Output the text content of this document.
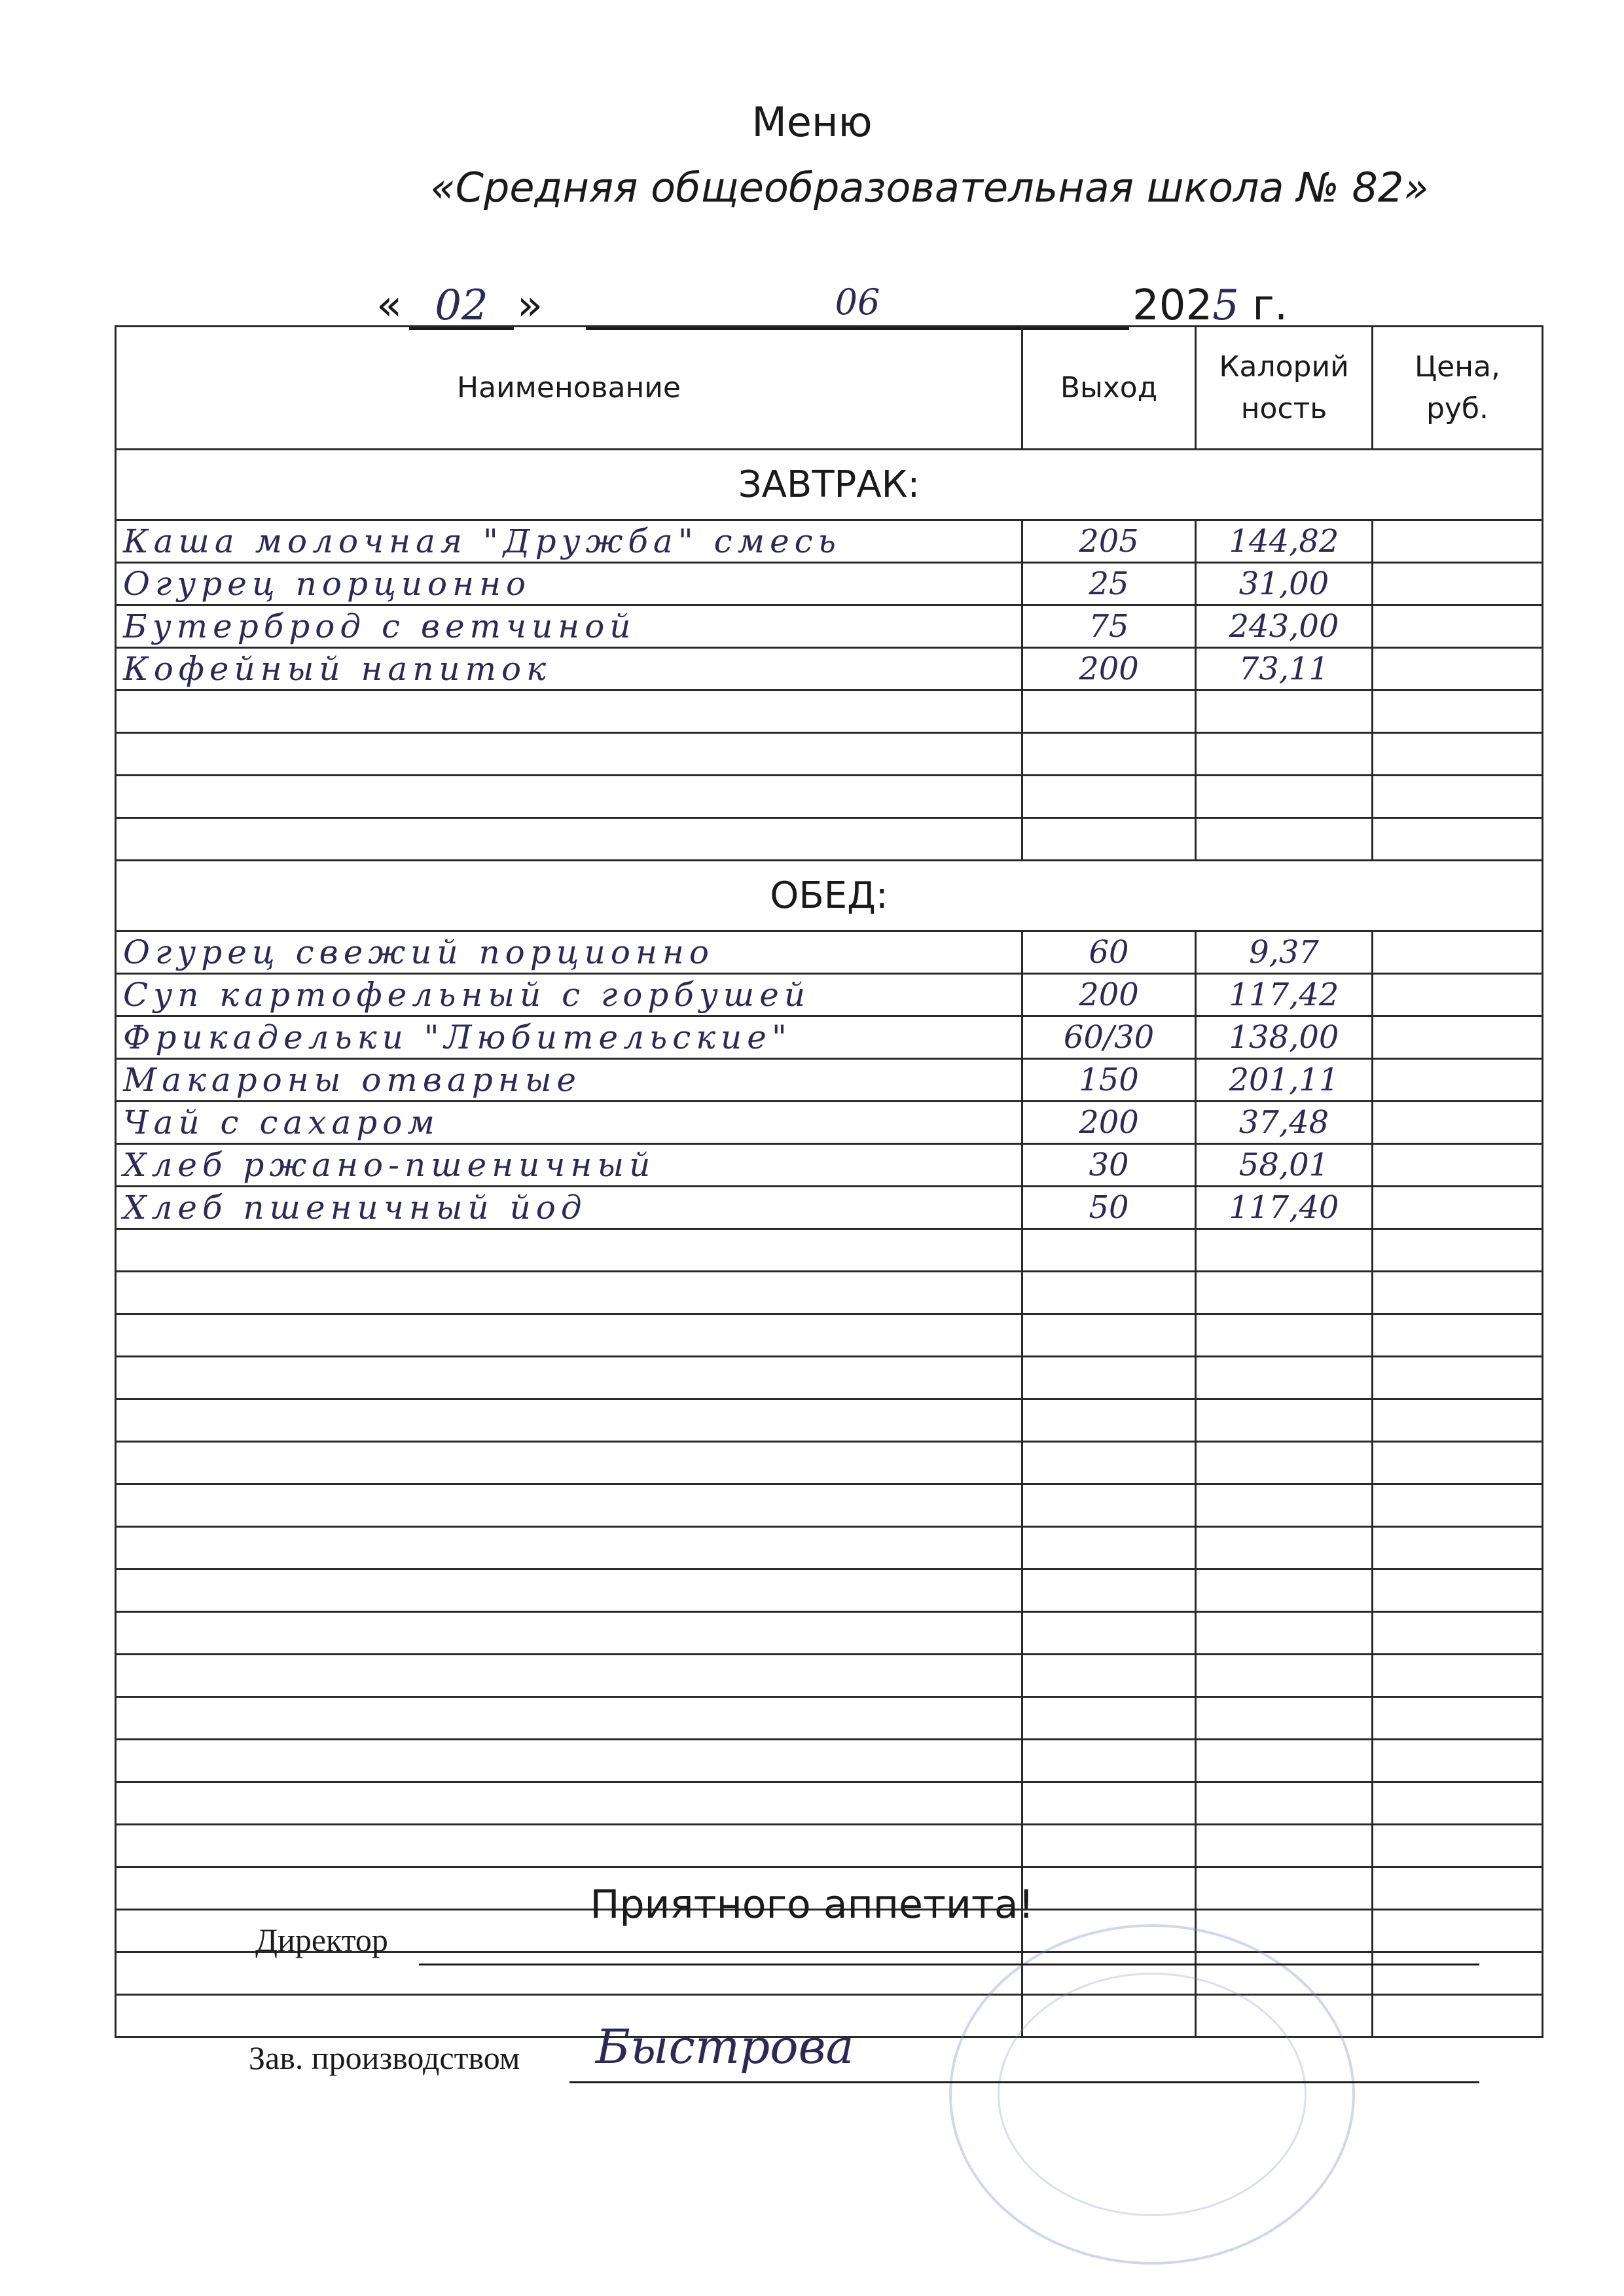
Меню
«Средняя общеобразовательная школа № 82»
« 02 »	06	2025 г.
Наименование	Выход	Калорий ность	Цена, руб.
ЗАВТРАК:			
Каша молочная "Дружба" смесь	205	144,82	
Огурец порционно	25	31,00	
Бутерброд с ветчиной	75	243,00	
Кофейный напиток	200	73,11	

ОБЕД:			
Огурец свежий порционно	60	9,37	
Суп картофельный с горбушей	200	117,42	
Фрикадельки "Любительские"	60/30	138,00	
Макароны отварные	150	201,11	
Чай с сахаром	200	37,48	
Хлеб ржано-пшеничный	30	58,01	
Хлеб пшеничный йод	50	117,40	

Приятного аппетита!
Директор
Зав. производством Быстрова
